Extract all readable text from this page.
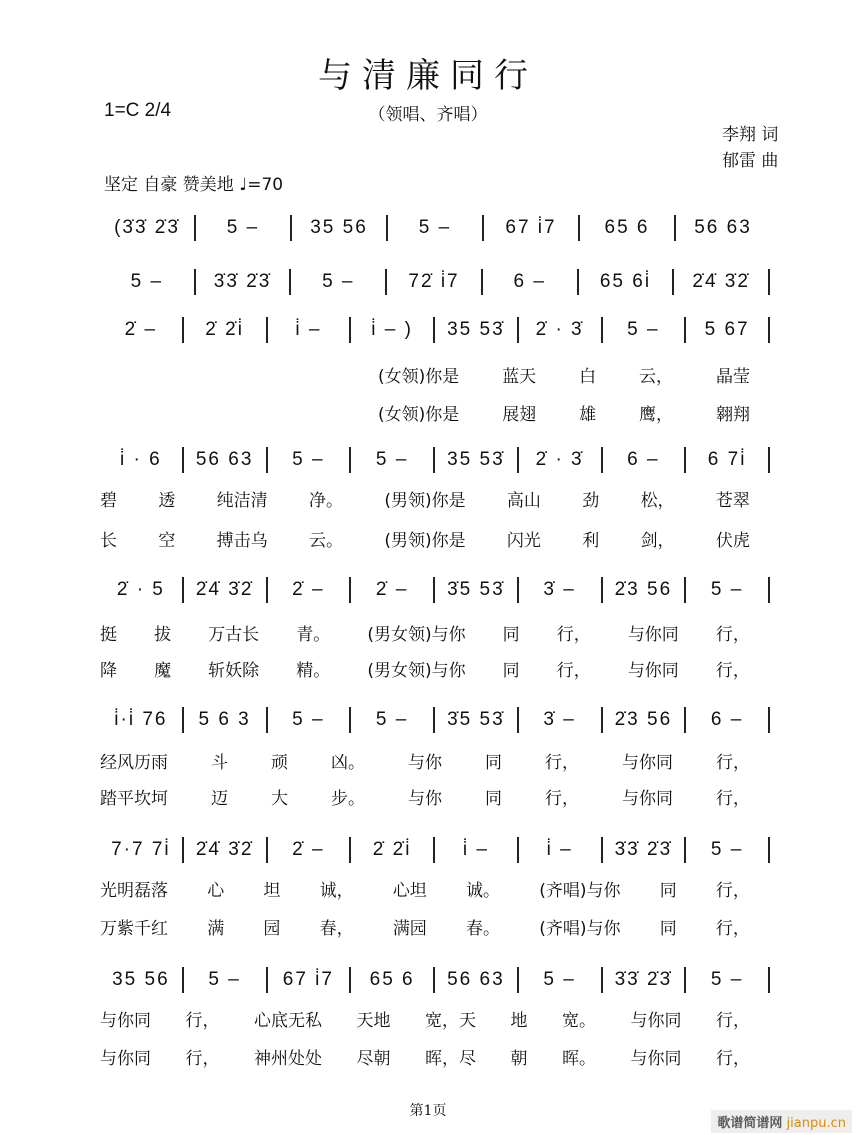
与清廉同行
（领唱、齐唱）
1=C 2/4
李翔 词
郁雷 曲
坚定 自豪 赞美地 ♩=70
(3̇3̇ 2̇3̇	5 –	35 56	5 –	67 i̇7	65 6	56 63
5 –	3̇3̇ 2̇3̇	5 –	72̇ i̇7	6 –	65 6i̇	2̇4̇ 3̇2̇
2̇ –	2̇ 2̇i̇	i̇ –	i̇ – )	35 53̇	2̇ · 3̇	5 –	5 67
i̇ · 6	56 63	5 –	5 –	35 53̇	2̇ · 3̇	6 –	6 7i̇
2̇ · 5	2̇4̇ 3̇2̇	2̇ –	2̇ –	3̇5 53̇	3̇ –	2̇3 56	5 –
i̇·i̇ 76	5 6 3	5 –	5 –	3̇5 53̇	3̇ –	2̇3 56	6 –
7·7 7i̇	2̇4̇ 3̇2̇	2̇ –	2̇ 2̇i̇	i̇ –	i̇ –	3̇3̇ 2̇3̇	5 –
35 56	5 –	67 i̇7	65 6	56 63	5 –	3̇3̇ 2̇3̇	5 –
(女领)你是	蓝天	白	云，	晶莹
(女领)你是	展翅	雄	鹰，	翱翔
碧 透 纯洁清 净。 (男领)你是 高山 劲 松， 苍翠
长 空 搏击乌 云。 (男领)你是 闪光 利 剑， 伏虎
挺 拔 万古长 青。 (男女领)与你 同 行， 与你同 行，
降 魔 斩妖除 精。 (男女领)与你 同 行， 与你同 行，
经风历雨	斗	顽	凶。	与你	同	行，	与你同	行，
踏平坎坷	迈	大	步。	与你	同	行，	与你同	行，
光明磊落 心 坦 诚， 心坦 诚。 (齐唱)与你 同 行，
万紫千红 满 园 春， 满园 春。 (齐唱)与你 同 行，
与你同 行， 心底无私 天地 宽，天 地 宽。 与你同 行，
与你同 行， 神州处处 尽朝 晖，尽 朝 晖。 与你同 行，
第1页
歌谱简谱网 jianpu.cn
